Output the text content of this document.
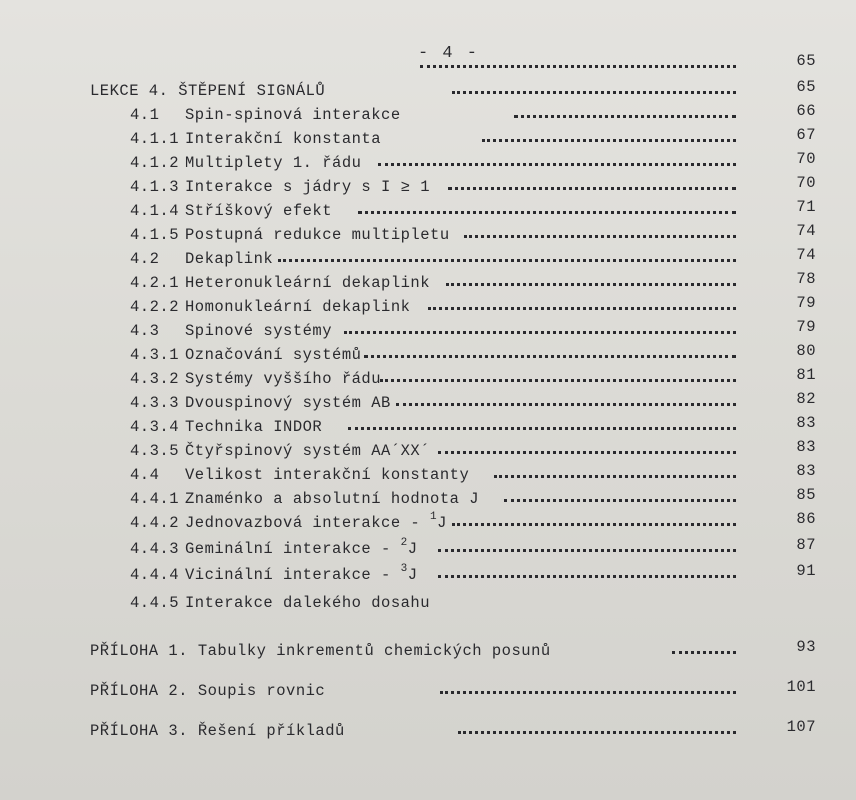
- 4 -	65
LEKCE 4. ŠTĚPENÍ SIGNÁLŮ	65
4.1 Spin-spinová interakce	66
4.1.1 Interakční konstanta	67
4.1.2 Multiplety 1. řádu	70
4.1.3 Interakce s jádry s I ≥ 1	70
4.1.4 Stříškový efekt	71
4.1.5 Postupná redukce multipletu	74
4.2 Dekaplink	74
4.2.1 Heteronukleární dekaplink	78
4.2.2 Homonukleární dekaplink	79
4.3 Spinové systémy	79
4.3.1 Označování systémů	80
4.3.2 Systémy vyššího řádu	81
4.3.3 Dvouspinový systém AB	82
4.3.4 Technika INDOR	83
4.3.5 Čtyřspinový systém AA´XX´	83
4.4 Velikost interakční konstanty	83
4.4.1 Znaménko a absolutní hodnota J	85
4.4.2 Jednovazbová interakce - $^1$J	86
4.4.3 Geminální interakce - $^2$J	87
4.4.4 Vicinální interakce - $^3$J	91
4.4.5 Interakce dalekého dosahu
PŘÍLOHA 1. Tabulky inkrementů chemických posunů	93
PŘÍLOHA 2. Soupis rovnic	101
PŘÍLOHA 3. Řešení příkladů	107
